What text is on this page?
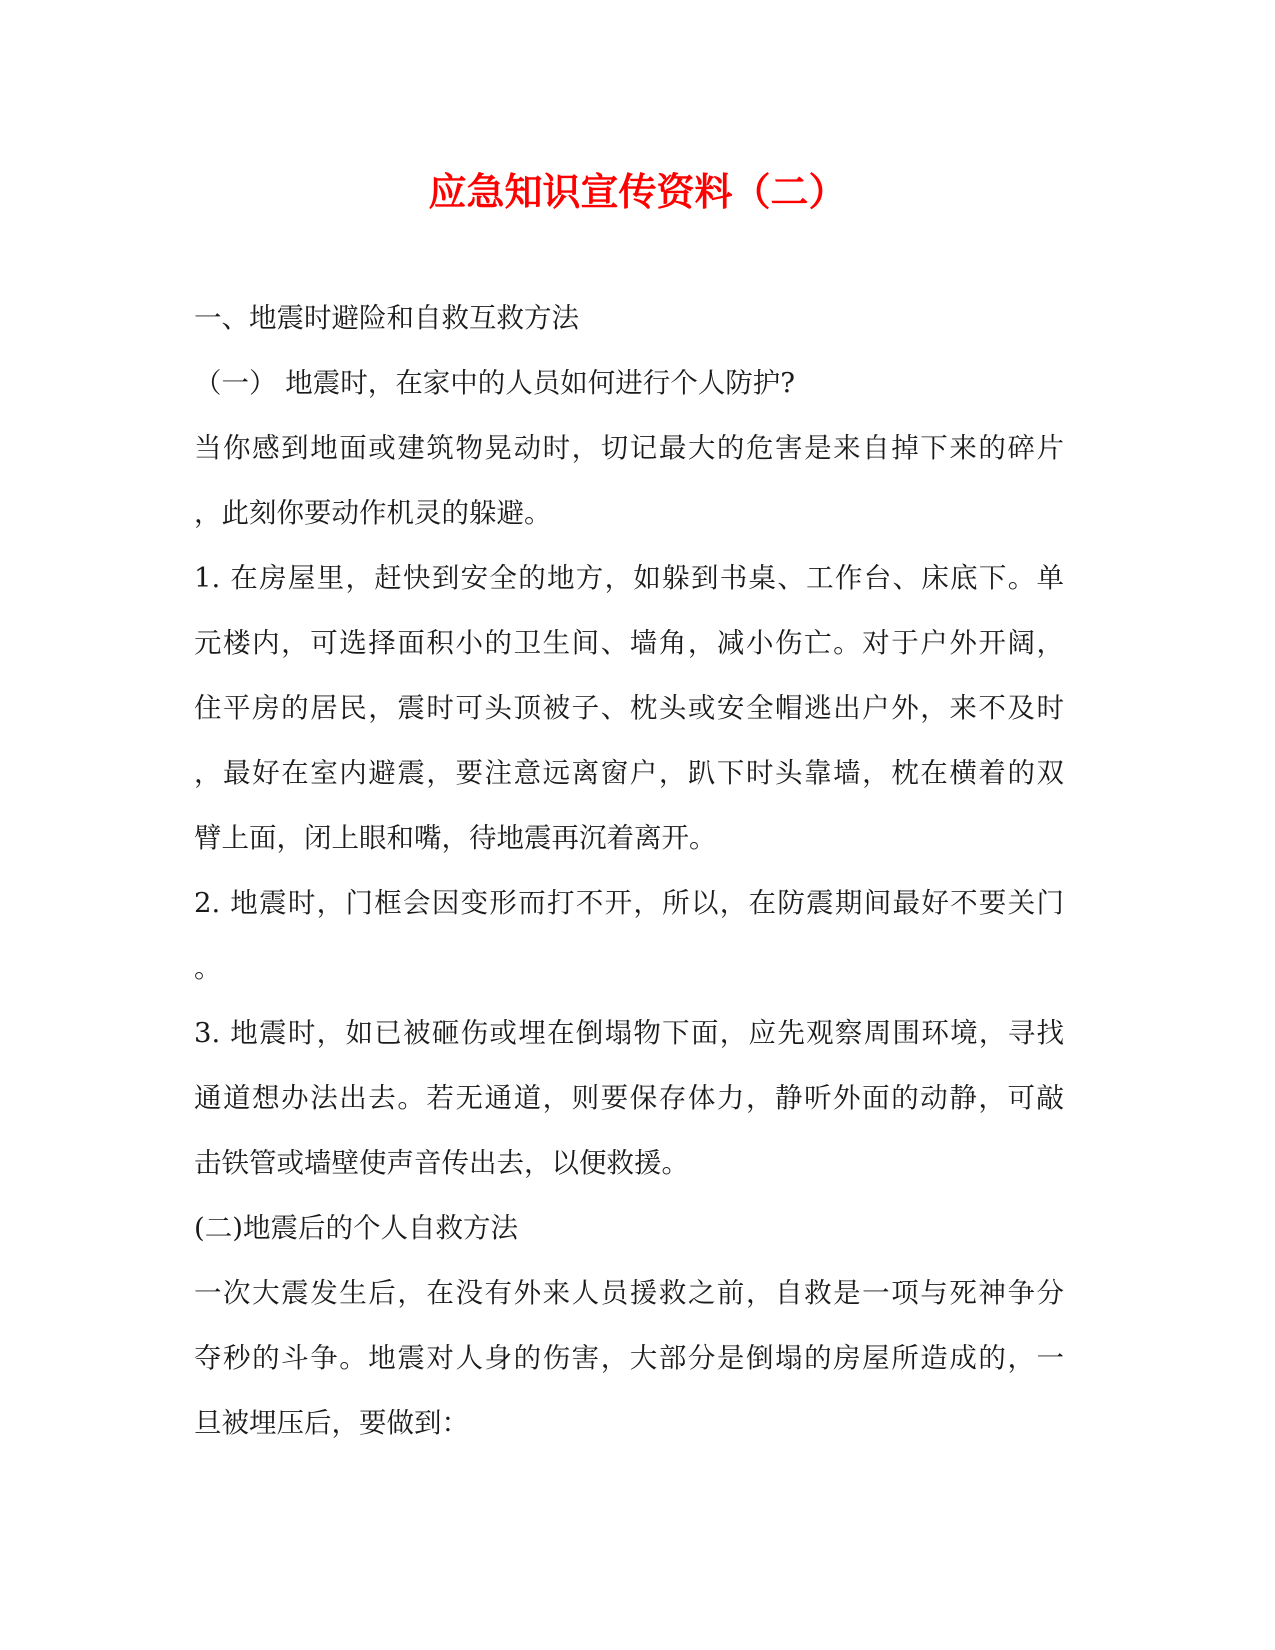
应急知识宣传资料（二）
一、地震时避险和自救互救方法
（一） 地震时，在家中的人员如何进行个人防护?
当你感到地面或建筑物晃动时，切记最大的危害是来自掉下来的碎片
，此刻你要动作机灵的躲避。
1. 在房屋里，赶快到安全的地方，如躲到书桌、工作台、床底下。单
元楼内，可选择面积小的卫生间、墙角，减小伤亡。对于户外开阔，
住平房的居民，震时可头顶被子、枕头或安全帽逃出户外，来不及时
，最好在室内避震，要注意远离窗户，趴下时头靠墙，枕在横着的双
臂上面，闭上眼和嘴，待地震再沉着离开。
2. 地震时，门框会因变形而打不开，所以，在防震期间最好不要关门
。
3. 地震时，如已被砸伤或埋在倒塌物下面，应先观察周围环境，寻找
通道想办法出去。若无通道，则要保存体力，静听外面的动静，可敲
击铁管或墙壁使声音传出去，以便救援。
(二)地震后的个人自救方法
一次大震发生后，在没有外来人员援救之前，自救是一项与死神争分
夺秒的斗争。地震对人身的伤害，大部分是倒塌的房屋所造成的，一
旦被埋压后，要做到：
